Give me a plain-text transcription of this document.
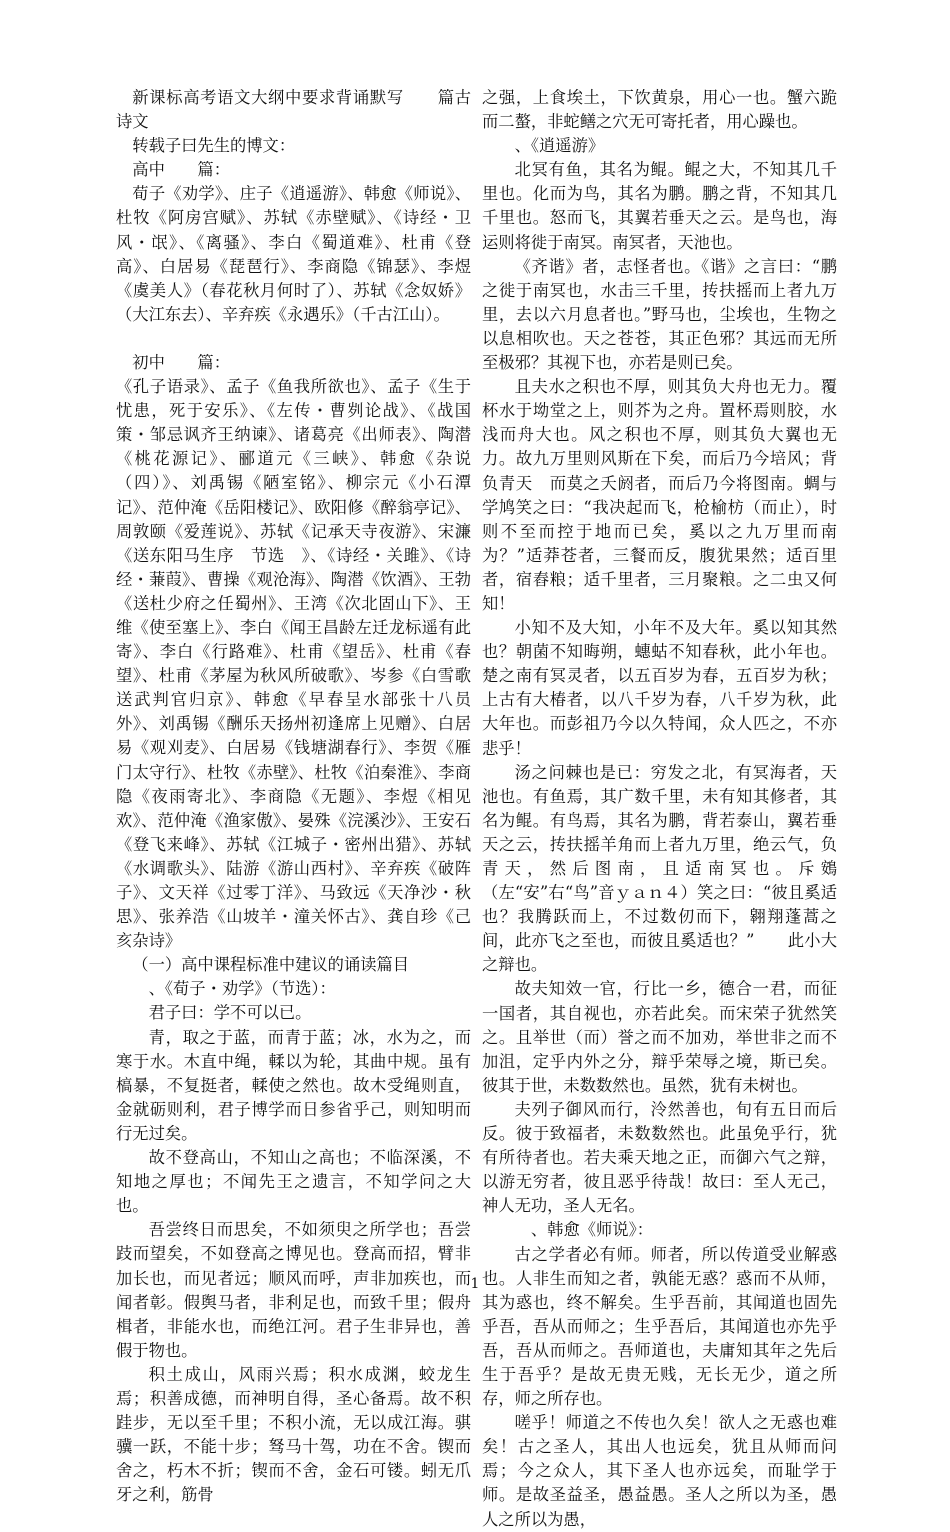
新课标高考语文大纲中要求背诵默写　　篇古诗文

转载子曰先生的博文：

高中　　篇：

荀子《劝学》、庄子《逍遥游》、韩愈《师说》、杜牧《阿房宫赋》、苏轼《赤壁赋》、《诗经・卫风・氓》、《离骚》、李白《蜀道难》、杜甫《登高》、白居易《琵琶行》、李商隐《锦瑟》、李煜《虞美人》（春花秋月何时了）、苏轼《念奴娇》（大江东去）、辛弃疾《永遇乐》（千古江山）。

初中　　篇：

《孔子语录》、孟子《鱼我所欲也》、孟子《生于忧患，死于安乐》、《左传・曹刿论战》、《战国策・邹忌讽齐王纳谏》、诸葛亮《出师表》、陶潜《桃花源记》、郦道元《三峡》、韩愈《杂说（四）》、刘禹锡《陋室铭》、柳宗元《小石潭记》、范仲淹《岳阳楼记》、欧阳修《醉翁亭记》、周敦颐《爱莲说》、苏轼《记承天寺夜游》、宋濂《送东阳马生序　节选　》、《诗经・关雎》、《诗经・蒹葭》、曹操《观沧海》、陶潜《饮酒》、王勃《送杜少府之任蜀州》、王湾《次北固山下》、王维《使至塞上》、李白《闻王昌龄左迁龙标遥有此寄》、李白《行路难》、杜甫《望岳》、杜甫《春望》、杜甫《茅屋为秋风所破歌》、岑参《白雪歌送武判官归京》、韩愈《早春呈水部张十八员外》、刘禹锡《酬乐天扬州初逢席上见赠》、白居易《观刈麦》、白居易《钱塘湖春行》、李贺《雁门太守行》、杜牧《赤壁》、杜牧《泊秦淮》、李商隐《夜雨寄北》、李商隐《无题》、李煜《相见欢》、范仲淹《渔家傲》、晏殊《浣溪沙》、王安石《登飞来峰》、苏轼《江城子・密州出猎》、苏轼《水调歌头》、陆游《游山西村》、辛弃疾《破阵子》、文天祥《过零丁洋》、马致远《天净沙・秋思》、张养浩《山坡羊・潼关怀古》、龚自珍《己亥杂诗》

（一）高中课程标准中建议的诵读篇目

、《荀子・劝学》（节选）：

君子曰：学不可以已。

青，取之于蓝，而青于蓝；冰，水为之，而寒于水。木直中绳，輮以为轮，其曲中规。虽有槁暴，不复挺者，輮使之然也。故木受绳则直，金就砺则利，君子博学而日参省乎己，则知明而行无过矣。

故不登高山，不知山之高也；不临深溪，不知地之厚也；不闻先王之遗言，不知学问之大也。

吾尝终日而思矣，不如须臾之所学也；吾尝跂而望矣，不如登高之博见也。登高而招，臂非加长也，而见者远；顺风而呼，声非加疾也，而闻者彰。假舆马者，非利足也，而致千里；假舟楫者，非能水也，而绝江河。君子生非异也，善假于物也。

积土成山，风雨兴焉；积水成渊，蛟龙生焉；积善成德，而神明自得，圣心备焉。故不积跬步，无以至千里；不积小流，无以成江海。骐骥一跃，不能十步；驽马十驾，功在不舍。锲而舍之，朽木不折；锲而不舍，金石可镂。蚓无爪牙之利，筋骨

之强，上食埃土，下饮黄泉，用心一也。蟹六跪而二螯，非蛇鳝之穴无可寄托者，用心躁也。

、《逍遥游》

北冥有鱼，其名为鲲。鲲之大，不知其几千里也。化而为鸟，其名为鹏。鹏之背，不知其几千里也。怒而飞，其翼若垂天之云。是鸟也，海运则将徙于南冥。南冥者，天池也。

《齐谐》者，志怪者也。《谐》之言曰：“鹏之徙于南冥也，水击三千里，抟扶摇而上者九万里，去以六月息者也。”野马也，尘埃也，生物之以息相吹也。天之苍苍，其正色邪？其远而无所至极邪？其视下也，亦若是则已矣。

且夫水之积也不厚，则其负大舟也无力。覆杯水于坳堂之上，则芥为之舟。置杯焉则胶，水浅而舟大也。风之积也不厚，则其负大翼也无力。故九万里则风斯在下矣，而后乃今培风；背负青天　而莫之夭阏者，而后乃今将图南。蜩与学鸠笑之曰：“我决起而飞，枪榆枋（而止），时则不至而控于地而已矣，奚以之九万里而南为？”适莽苍者，三餐而反，腹犹果然；适百里者，宿舂粮；适千里者，三月聚粮。之二虫又何知！

小知不及大知，小年不及大年。奚以知其然也？朝菌不知晦朔，蟪蛄不知春秋，此小年也。楚之南有冥灵者，以五百岁为春，五百岁为秋；上古有大椿者，以八千岁为春，八千岁为秋，此大年也。而彭祖乃今以久特闻，众人匹之，不亦悲乎！

汤之问棘也是已：穷发之北，有冥海者，天池也。有鱼焉，其广数千里，未有知其修者，其名为鲲。有鸟焉，其名为鹏，背若泰山，翼若垂天之云，抟扶摇羊角而上者九万里，绝云气，负青天，然后图南，且适南冥也。斥鴳（左“安”右“鸟”音ｙａｎ４）笑之曰：“彼且奚适也？我腾跃而上，不过数仞而下，翱翔蓬蒿之间，此亦飞之至也，而彼且奚适也？”　　此小大之辩也。

故夫知效一官，行比一乡，德合一君，而征一国者，其自视也，亦若此矣。而宋荣子犹然笑之。且举世（而）誉之而不加劝，举世非之而不加沮，定乎内外之分，辩乎荣辱之境，斯已矣。彼其于世，未数数然也。虽然，犹有未树也。

夫列子御风而行，泠然善也，旬有五日而后反。彼于致福者，未数数然也。此虽免乎行，犹有所待者也。若夫乘天地之正，而御六气之辩，以游无穷者，彼且恶乎待哉！故曰：至人无己，神人无功，圣人无名。

、韩愈《师说》：

古之学者必有师。师者，所以传道受业解惑也。人非生而知之者，孰能无惑？惑而不从师，其为惑也，终不解矣。生乎吾前，其闻道也固先乎吾，吾从而师之；生乎吾后，其闻道也亦先乎吾，吾从而师之。吾师道也，夫庸知其年之先后生于吾乎？是故无贵无贱，无长无少，道之所存，师之所存也。

嗟乎！师道之不传也久矣！欲人之无惑也难矣！古之圣人，其出人也远矣，犹且从师而问焉；今之众人，其下圣人也亦远矣，而耻学于师。是故圣益圣，愚益愚。圣人之所以为圣，愚人之所以为愚，

1
